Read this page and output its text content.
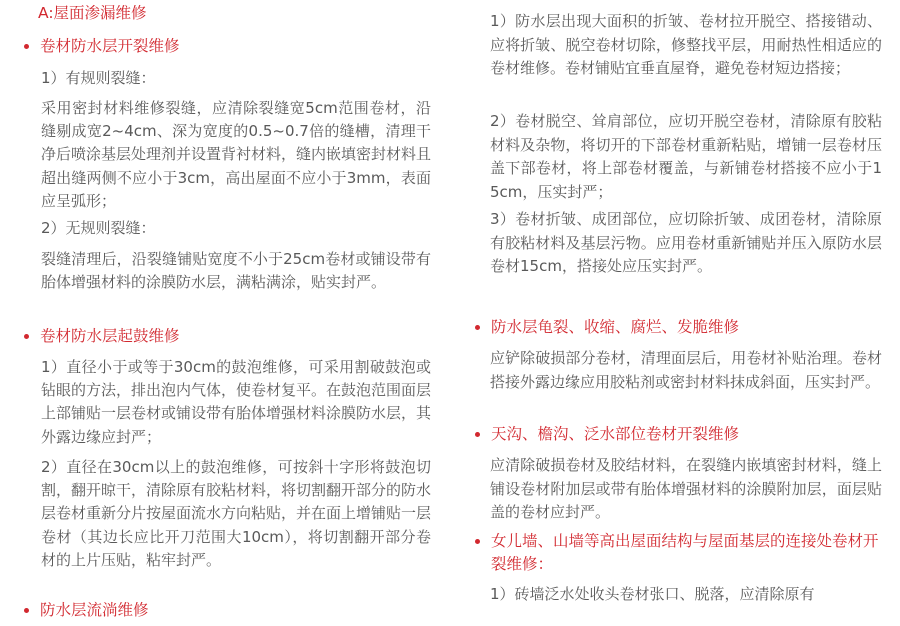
A:屋面渗漏维修

卷材防水层开裂维修

1）有规则裂缝：

采用密封材料维修裂缝，应清除裂缝宽5cm范围卷材，沿缝剔成宽2~4cm、深为宽度的0.5~0.7倍的缝槽，清理干净后喷涂基层处理剂并设置背衬材料，缝内嵌填密封材料且超出缝两侧不应小于3cm，高出屋面不应小于3mm，表面应呈弧形；

2）无规则裂缝：

裂缝清理后，沿裂缝铺贴宽度不小于25cm卷材或铺设带有胎体增强材料的涂膜防水层，满粘满涂，贴实封严。

卷材防水层起鼓维修

1）直径小于或等于30cm的鼓泡维修，可采用割破鼓泡或钻眼的方法，排出泡内气体，使卷材复平。在鼓泡范围面层上部铺贴一层卷材或铺设带有胎体增强材料涂膜防水层，其外露边缘应封严；

2）直径在30cm以上的鼓泡维修，可按斜十字形将鼓泡切割，翻开晾干，清除原有胶粘材料，将切割翻开部分的防水层卷材重新分片按屋面流水方向粘贴，并在面上增铺贴一层卷材（其边长应比开刀范围大10cm），将切割翻开部分卷材的上片压贴，粘牢封严。

防水层流淌维修

1）防水层出现大面积的折皱、卷材拉开脱空、搭接错动、应将折皱、脱空卷材切除，修整找平层，用耐热性相适应的卷材维修。卷材铺贴宜垂直屋脊，避免卷材短边搭接；

2）卷材脱空、耸肩部位，应切开脱空卷材，清除原有胶粘材料及杂物，将切开的下部卷材重新粘贴，增铺一层卷材压盖下部卷材，将上部卷材覆盖，与新铺卷材搭接不应小于15cm，压实封严；

3）卷材折皱、成团部位，应切除折皱、成团卷材，清除原有胶粘材料及基层污物。应用卷材重新铺贴并压入原防水层卷材15cm，搭接处应压实封严。

防水层龟裂、收缩、腐烂、发脆维修

应铲除破损部分卷材，清理面层后，用卷材补贴治理。卷材搭接外露边缘应用胶粘剂或密封材料抹成斜面，压实封严。

天沟、檐沟、泛水部位卷材开裂维修

应清除破损卷材及胶结材料，在裂缝内嵌填密封材料，缝上铺设卷材附加层或带有胎体增强材料的涂膜附加层，面层贴盖的卷材应封严。

女儿墙、山墙等高出屋面结构与屋面基层的连接处卷材开裂维修：

1）砖墙泛水处收头卷材张口、脱落，应清除原有
